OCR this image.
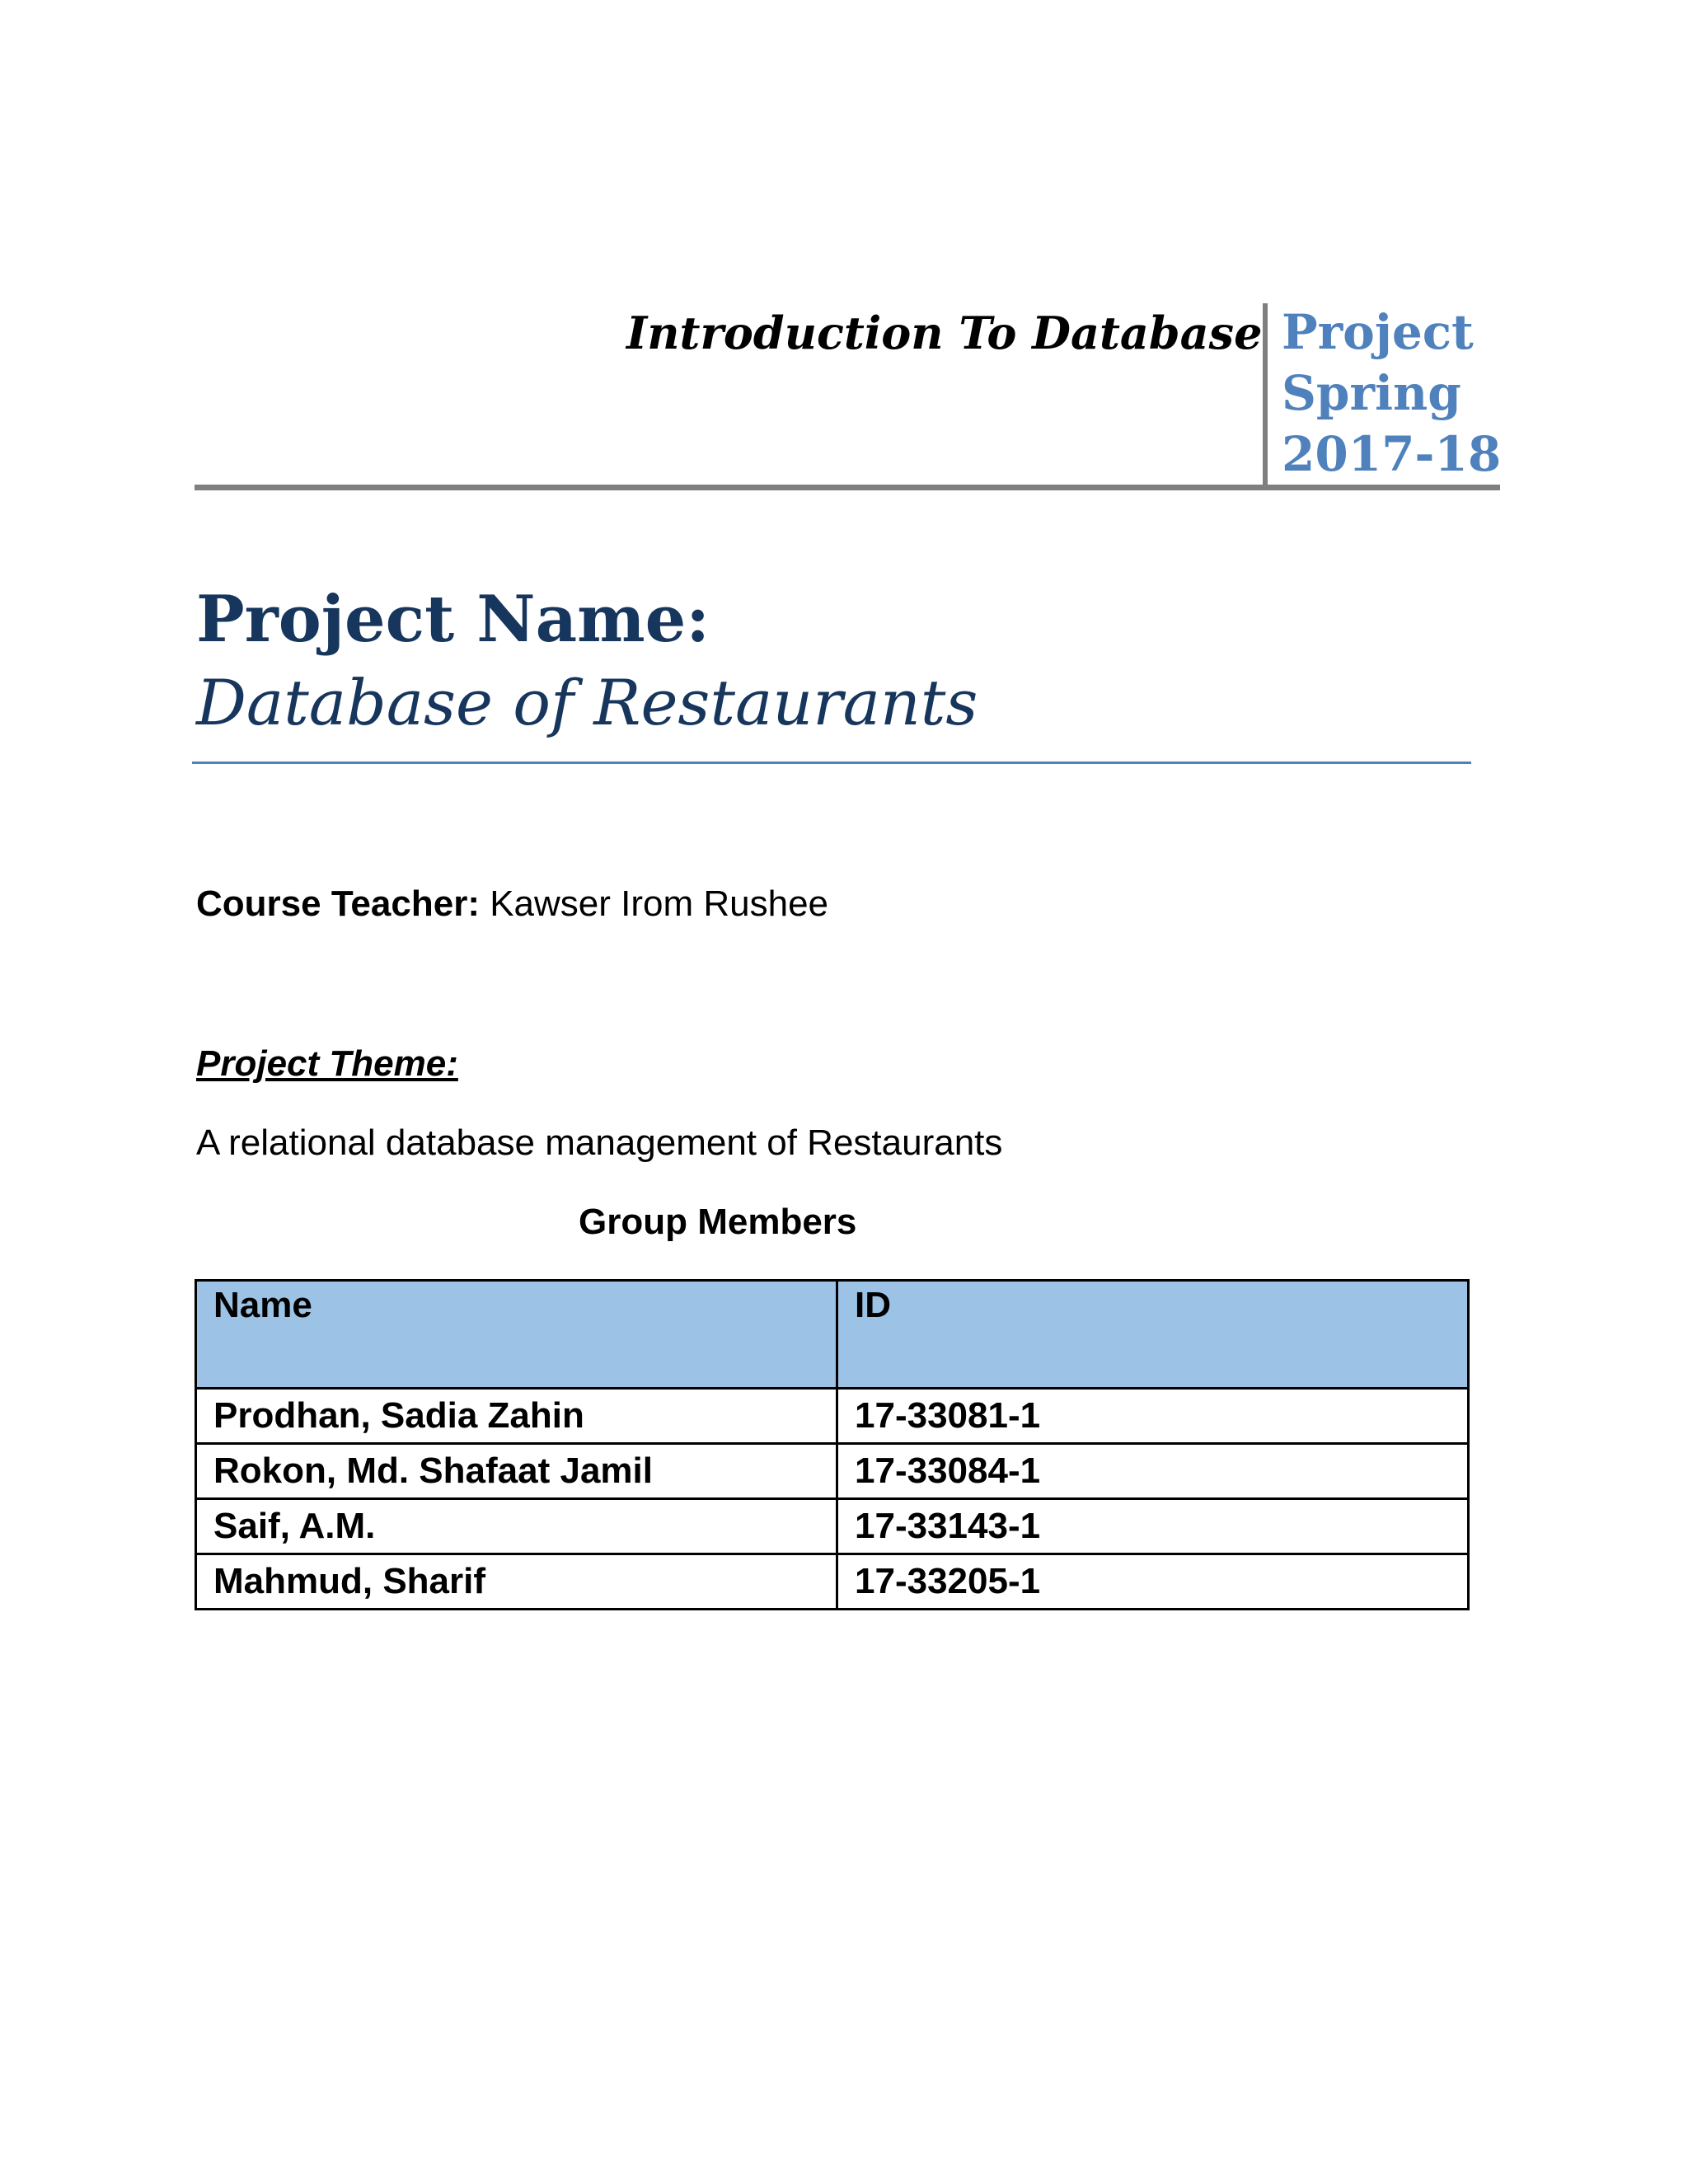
Introduction To Database Project
Spring
2017-18
Project Name:
Database of Restaurants
Course Teacher: Kawser Irom Rushee
Project Theme:
A relational database management of Restaurants
Group Members
Name	ID
Prodhan, Sadia Zahin	17-33081-1
Rokon, Md. Shafaat Jamil	17-33084-1
Saif, A.M.	17-33143-1
Mahmud, Sharif	17-33205-1
